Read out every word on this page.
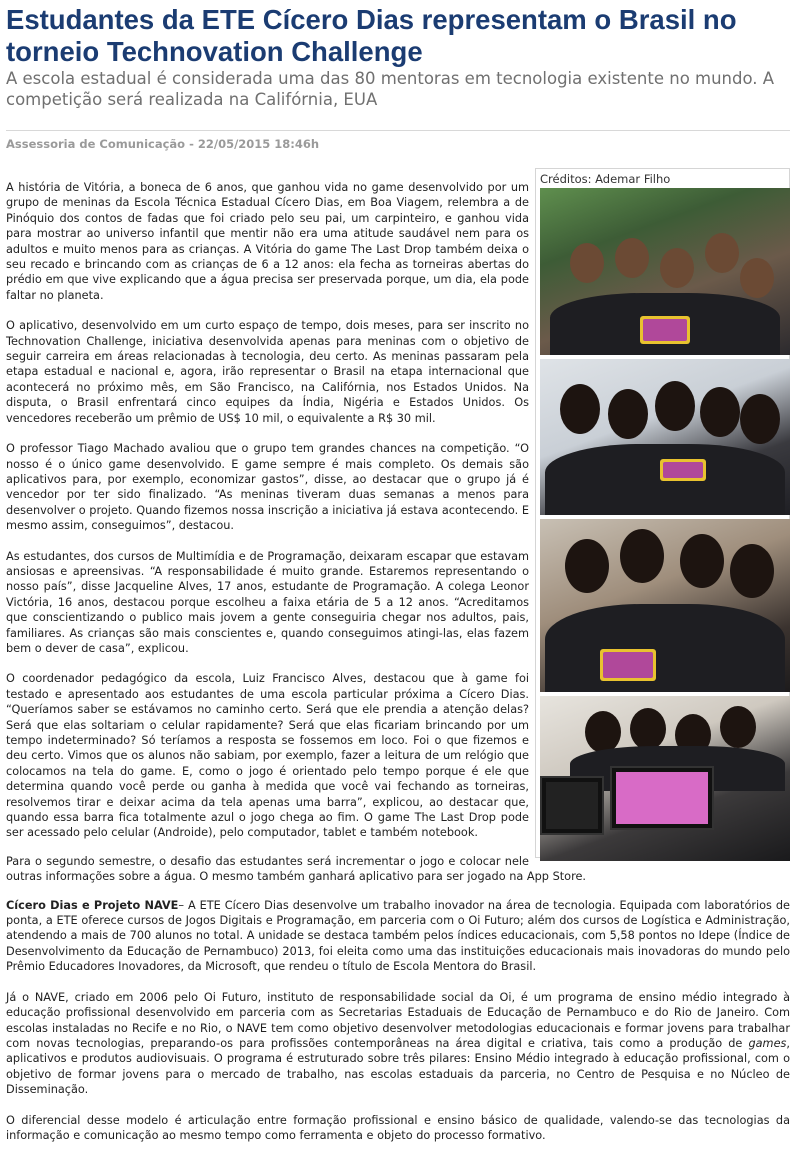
Estudantes da ETE Cícero Dias representam o Brasil no torneio Technovation Challenge

A escola estadual é considerada uma das 80 mentoras em tecnologia existente no mundo. A competição será realizada na Califórnia, EUA

Assessoria de Comunicação - 22/05/2015 18:46h
Créditos: Ademar Filho

A história de Vitória, a boneca de 6 anos, que ganhou vida no game desenvolvido por um grupo de meninas da Escola Técnica Estadual Cícero Dias, em Boa Viagem, relembra a de Pinóquio dos contos de fadas que foi criado pelo seu pai, um carpinteiro, e ganhou vida para mostrar ao universo infantil que mentir não era uma atitude saudável nem para os adultos e muito menos para as crianças. A Vitória do game The Last Drop também deixa o seu recado e brincando com as crianças de 6 a 12 anos: ela fecha as torneiras abertas do prédio em que vive explicando que a água precisa ser preservada porque, um dia, ela pode faltar no planeta.

O aplicativo, desenvolvido em um curto espaço de tempo, dois meses, para ser inscrito no Technovation Challenge, iniciativa desenvolvida apenas para meninas com o objetivo de seguir carreira em áreas relacionadas à tecnologia, deu certo. As meninas passaram pela etapa estadual e nacional e, agora, irão representar o Brasil na etapa internacional que acontecerá no próximo mês, em São Francisco, na Califórnia, nos Estados Unidos. Na disputa, o Brasil enfrentará cinco equipes da Índia, Nigéria e Estados Unidos. Os vencedores receberão um prêmio de US$ 10 mil, o equivalente a R$ 30 mil.

O professor Tiago Machado avaliou que o grupo tem grandes chances na competição. “O nosso é o único game desenvolvido. E game sempre é mais completo. Os demais são aplicativos para, por exemplo, economizar gastos”, disse, ao destacar que o grupo já é vencedor por ter sido finalizado. “As meninas tiveram duas semanas a menos para desenvolver o projeto. Quando fizemos nossa inscrição a iniciativa já estava acontecendo. E mesmo assim, conseguimos”, destacou.

As estudantes, dos cursos de Multimídia e de Programação, deixaram escapar que estavam ansiosas e apreensivas. “A responsabilidade é muito grande. Estaremos representando o nosso país”, disse Jacqueline Alves, 17 anos, estudante de Programação. A colega Leonor Victória, 16 anos, destacou porque escolheu a faixa etária de 5 a 12 anos. “Acreditamos que conscientizando o publico mais jovem a gente conseguiria chegar nos adultos, pais, familiares. As crianças são mais conscientes e, quando conseguimos atingi-las, elas fazem bem o dever de casa”, explicou.

O coordenador pedagógico da escola, Luiz Francisco Alves, destacou que à game foi testado e apresentado aos estudantes de uma escola particular próxima a Cícero Dias. “Queríamos saber se estávamos no caminho certo. Será que ele prendia a atenção delas? Será que elas soltariam o celular rapidamente? Será que elas ficariam brincando por um tempo indeterminado? Só teríamos a resposta se fossemos em loco. Foi o que fizemos e deu certo. Vimos que os alunos não sabiam, por exemplo, fazer a leitura de um relógio que colocamos na tela do game. E, como o jogo é orientado pelo tempo porque é ele que determina quando você perde ou ganha à medida que você vai fechando as torneiras, resolvemos tirar e deixar acima da tela apenas uma barra”, explicou, ao destacar que, quando essa barra fica totalmente azul o jogo chega ao fim. O game The Last Drop pode ser acessado pelo celular (Androide), pelo computador, tablet e também notebook.

Para o segundo semestre, o desafio das estudantes será incrementar o jogo e colocar nele outras informações sobre a água. O mesmo também ganhará aplicativo para ser jogado na App Store.

Cícero Dias e Projeto NAVE– A ETE Cícero Dias desenvolve um trabalho inovador na área de tecnologia. Equipada com laboratórios de ponta, a ETE oferece cursos de Jogos Digitais e Programação, em parceria com o Oi Futuro; além dos cursos de Logística e Administração, atendendo a mais de 700 alunos no total. A unidade se destaca também pelos índices educacionais, com 5,58 pontos no Idepe (Índice de Desenvolvimento da Educação de Pernambuco) 2013, foi eleita como uma das instituições educacionais mais inovadoras do mundo pelo Prêmio Educadores Inovadores, da Microsoft, que rendeu o título de Escola Mentora do Brasil.

Já o NAVE, criado em 2006 pelo Oi Futuro, instituto de responsabilidade social da Oi, é um programa de ensino médio integrado à educação profissional desenvolvido em parceria com as Secretarias Estaduais de Educação de Pernambuco e do Rio de Janeiro. Com escolas instaladas no Recife e no Rio, o NAVE tem como objetivo desenvolver metodologias educacionais e formar jovens para trabalhar com novas tecnologias, preparando-os para profissões contemporâneas na área digital e criativa, tais como a produção de games, aplicativos e produtos audiovisuais. O programa é estruturado sobre três pilares: Ensino Médio integrado à educação profissional, com o objetivo de formar jovens para o mercado de trabalho, nas escolas estaduais da parceria, no Centro de Pesquisa e no Núcleo de Disseminação.

O diferencial desse modelo é articulação entre formação profissional e ensino básico de qualidade, valendo-se das tecnologias da informação e comunicação ao mesmo tempo como ferramenta e objeto do processo formativo.
